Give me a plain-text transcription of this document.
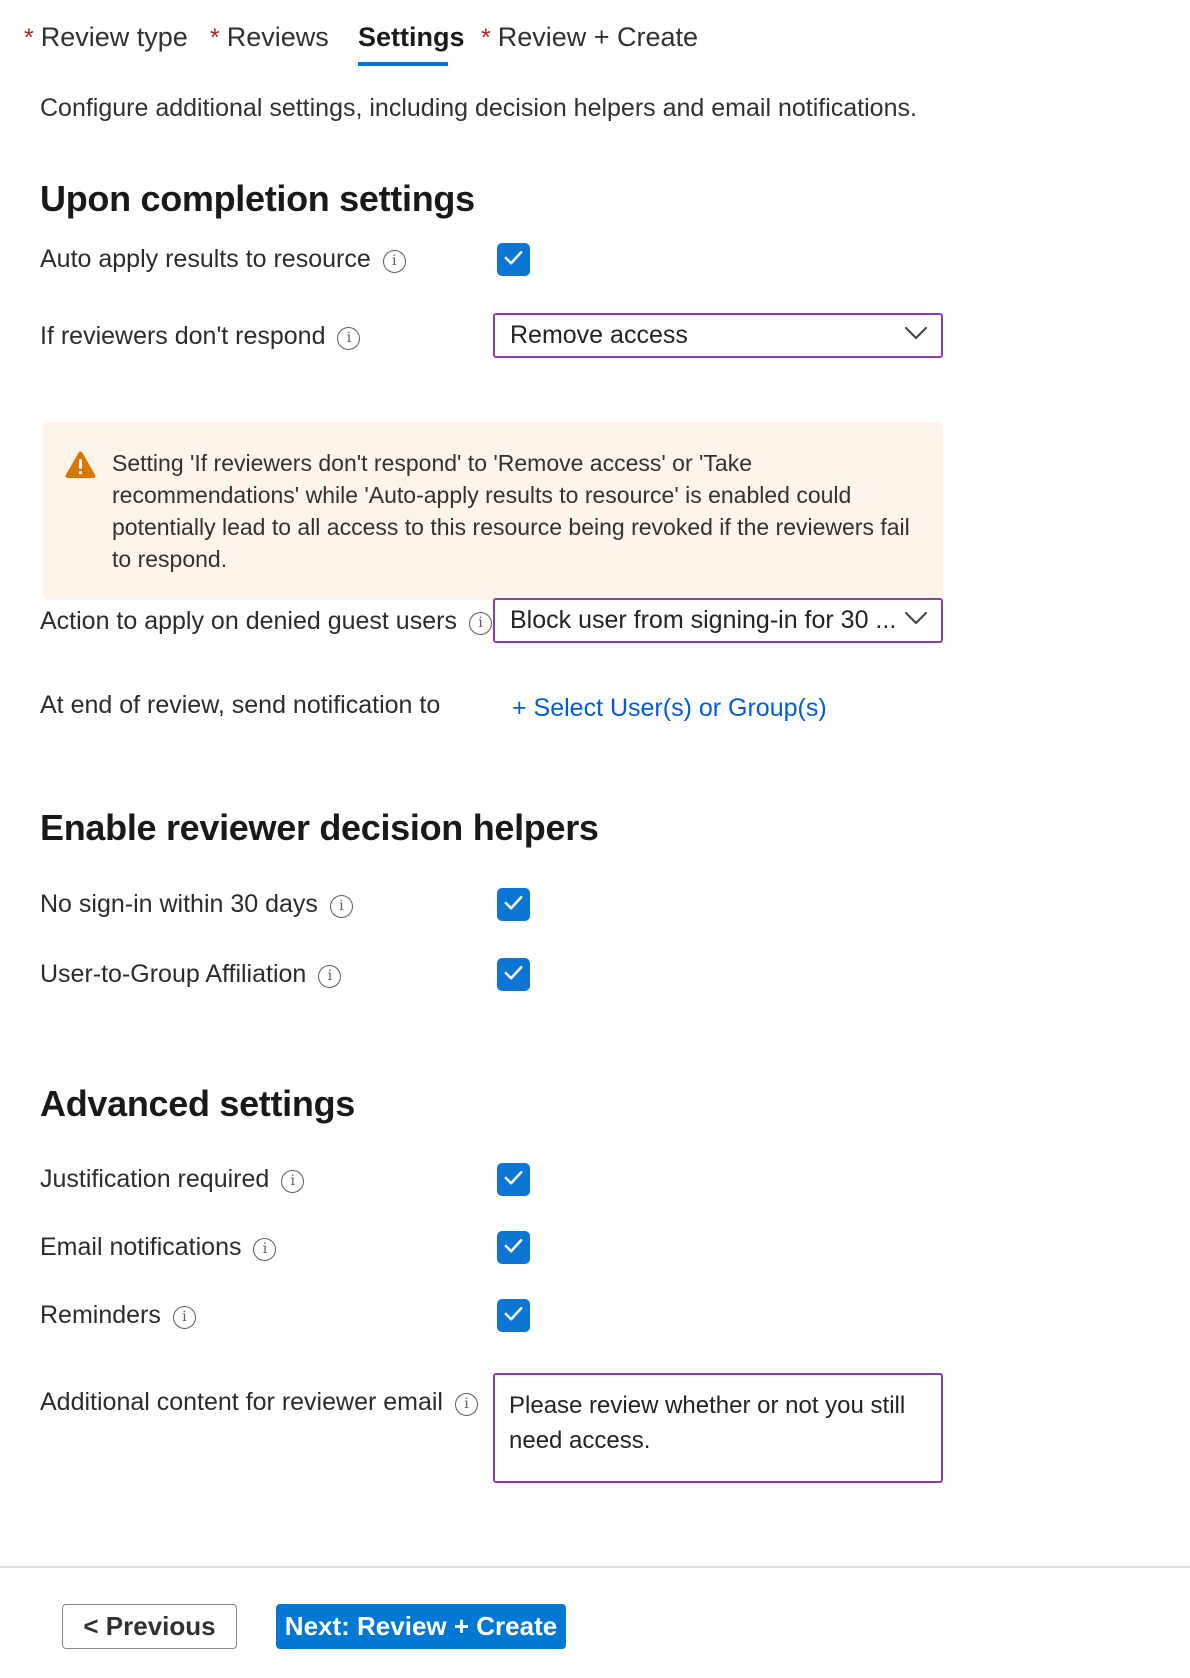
* Review type * Reviews Settings * Review + Create
Configure additional settings, including decision helpers and email notifications.
Upon completion settings
Auto apply results to resource i
If reviewers don't respond i	Remove access
Setting 'If reviewers don't respond' to 'Remove access' or 'Take recommendations' while 'Auto-apply results to resource' is enabled could potentially lead to all access to this resource being revoked if the reviewers fail to respond.
Action to apply on denied guest users i	Block user from signing-in for 30 ...
At end of review, send notification to	+ Select User(s) or Group(s)
Enable reviewer decision helpers
No sign-in within 30 days i
User-to-Group Affiliation i
Advanced settings
Justification required i
Email notifications i
Reminders i
Additional content for reviewer email i	Please review whether or not you still need access.
< Previous	Next: Review + Create
